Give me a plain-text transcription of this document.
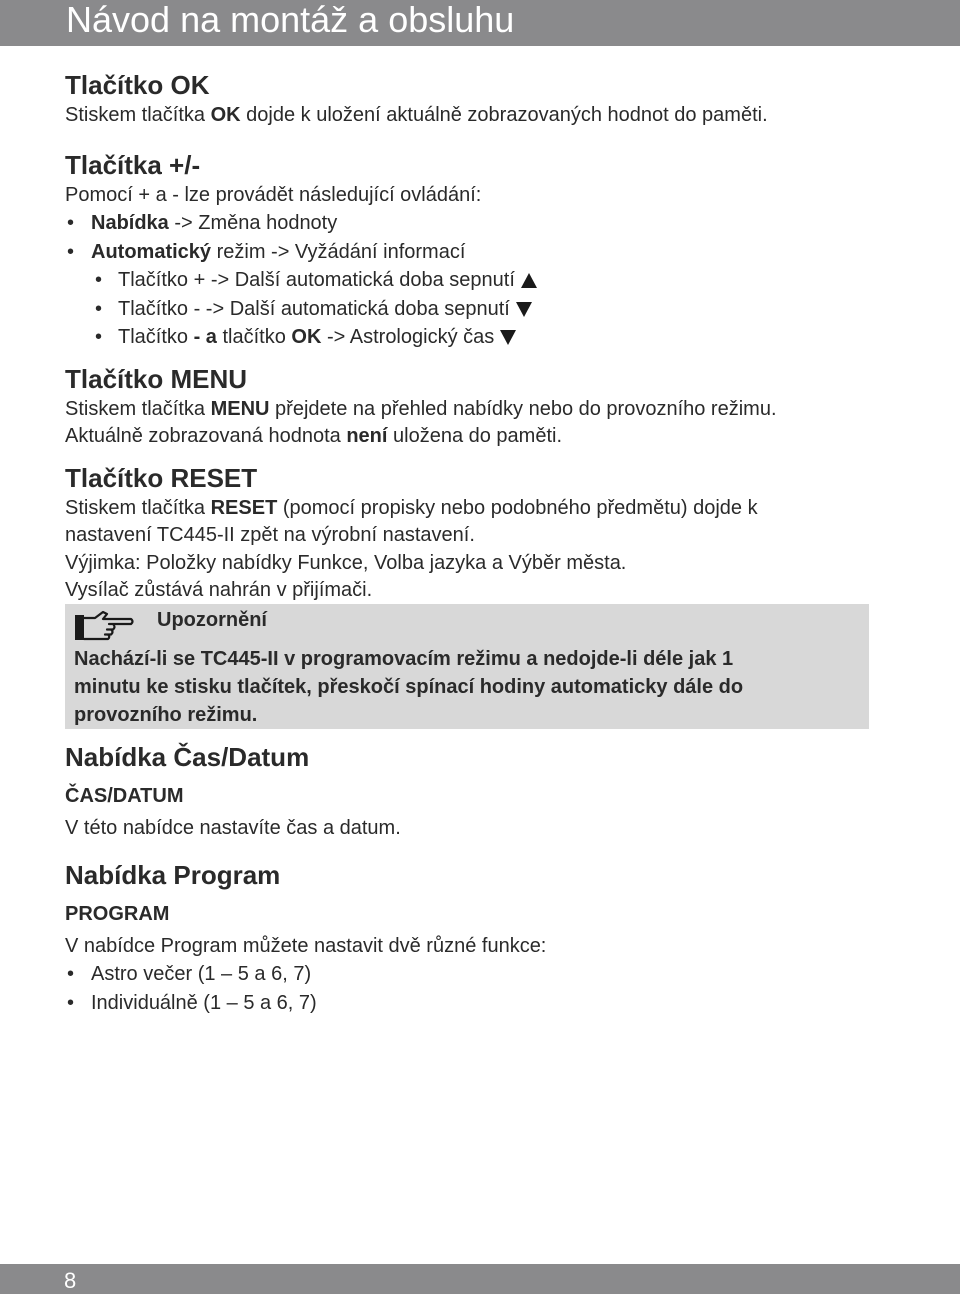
Návod na montáž a obsluhu
Tlačítko OK

Stiskem tlačítka OK dojde k uložení aktuálně zobrazovaných hodnot do paměti.

Tlačítka +/-

Pomocí + a - lze provádět následující ovládání:

• Nabídka -> Změna hodnoty
• Automatický režim -> Vyžádání informací
• Tlačítko + -> Další automatická doba sepnutí
• Tlačítko - -> Další automatická doba sepnutí
• Tlačítko - a tlačítko OK -> Astrologický čas
Tlačítko MENU

Stiskem tlačítka MENU přejdete na přehled nabídky nebo do provozního režimu.

Aktuálně zobrazovaná hodnota není uložena do paměti.

Tlačítko RESET

Stiskem tlačítka RESET (pomocí propisky nebo podobného předmětu) dojde k

nastavení TC445-II zpět na výrobní nastavení.

Výjimka: Položky nabídky Funkce, Volba jazyka a Výběr města.

Vysílač zůstává nahrán v přijímači.

Upozornění
Nachází-li se TC445-II v programovacím režimu a nedojde-li déle jak 1
minutu ke stisku tlačítek, přeskočí spínací hodiny automaticky dále do
provozního režimu.
Nabídka Čas/Datum

ČAS/DATUM

V této nabídce nastavíte čas a datum.

Nabídka Program

PROGRAM

V nabídce Program můžete nastavit dvě různé funkce:

• Astro večer (1 – 5 a 6, 7)
• Individuálně (1 – 5 a 6, 7)
8
